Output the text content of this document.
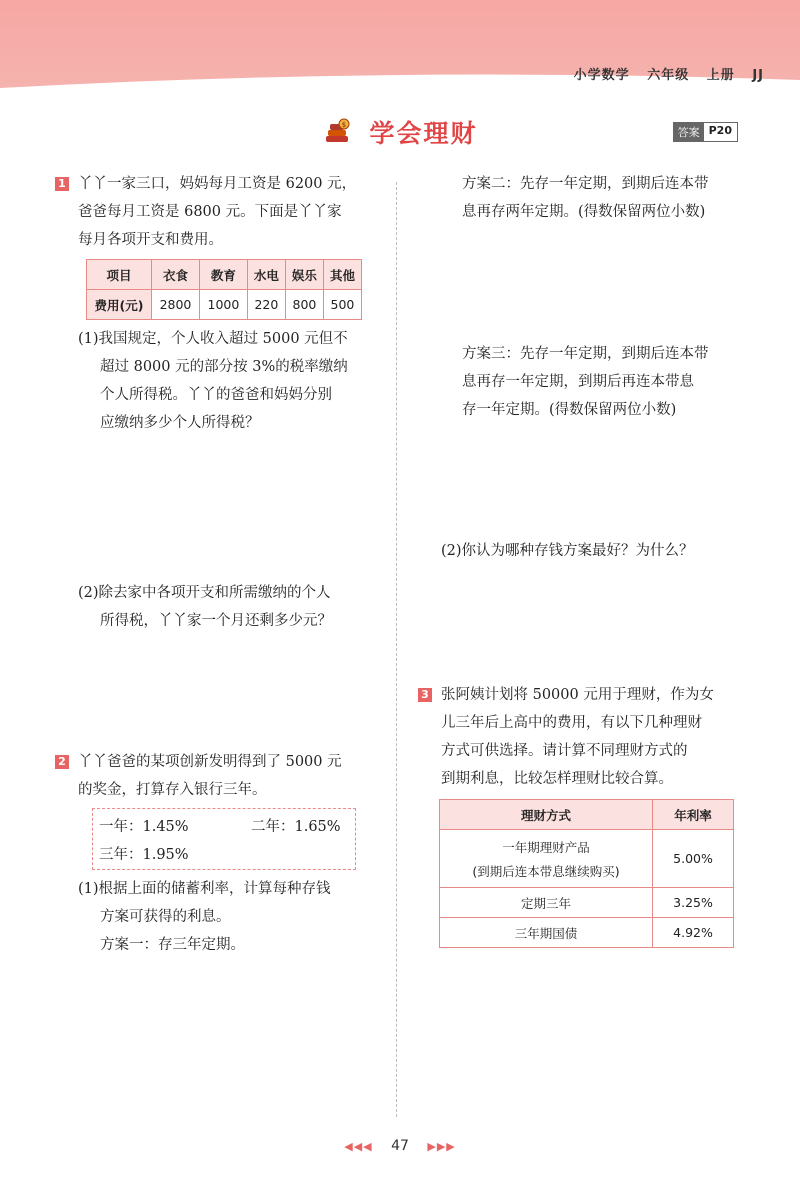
小学数学 六年级 上册 JJ
$ 学会理财	答案 P20
1 丫丫一家三口，妈妈每月工资是 6200 元，
爸爸每月工资是 6800 元。下面是丫丫家
每月各项开支和费用。
项目	衣食	教育	水电	娱乐	其他
费用(元)	2800	1000	220	800	500
(1)我国规定，个人收入超过 5000 元但不
超过 8000 元的部分按 3%的税率缴纳
个人所得税。丫丫的爸爸和妈妈分别
应缴纳多少个人所得税？
(2)除去家中各项开支和所需缴纳的个人
所得税，丫丫家一个月还剩多少元？
2 丫丫爸爸的某项创新发明得到了 5000 元
的奖金，打算存入银行三年。
一年：1.45%	二年：1.65%
三年：1.95%
(1)根据上面的储蓄利率，计算每种存钱
方案可获得的利息。
方案一：存三年定期。
方案二：先存一年定期，到期后连本带
息再存两年定期。(得数保留两位小数)
方案三：先存一年定期，到期后连本带
息再存一年定期，到期后再连本带息
存一年定期。(得数保留两位小数)
(2)你认为哪种存钱方案最好？为什么？
3 张阿姨计划将 50000 元用于理财，作为女
儿三年后上高中的费用，有以下几种理财
方式可供选择。请计算不同理财方式的
到期利息，比较怎样理财比较合算。
理财方式	年利率

一年期理财产品
(到期后连本带息继续购买)	5.00%
定期三年	3.25%
三年期国债	4.92%
◀◀◀ 47 ▶▶▶
